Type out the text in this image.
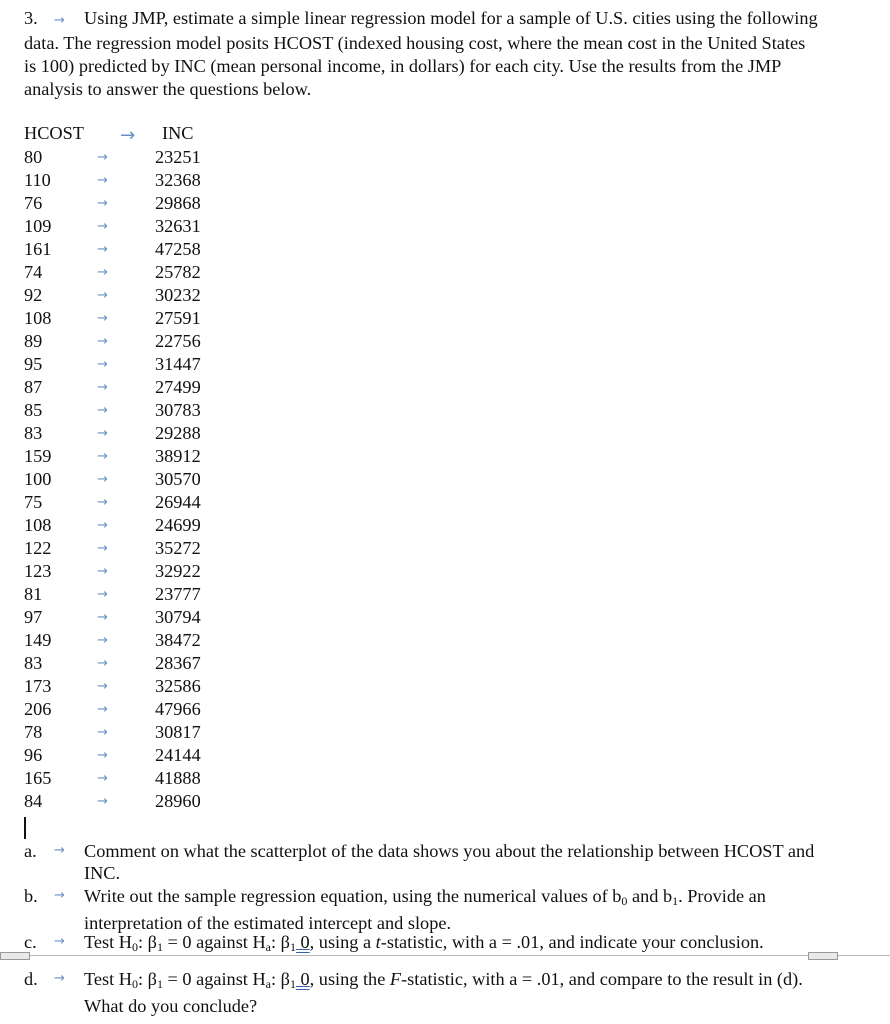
3. → Using JMP, estimate a simple linear regression model for a sample of U.S. cities using the following
data. The regression model posits HCOST (indexed housing cost, where the mean cost in the United States
is 100) predicted by INC (mean personal income, in dollars) for each city. Use the results from the JMP
analysis to answer the questions below.
HCOST → INC
80	→	23251
110	→	32368
76	→	29868
109	→	32631
161	→	47258
74	→	25782
92	→	30232
108	→	27591
89	→	22756
95	→	31447
87	→	27499
85	→	30783
83	→	29288
159	→	38912
100	→	30570
75	→	26944
108	→	24699
122	→	35272
123	→	32922
81	→	23777
97	→	30794
149	→	38472
83	→	28367
173	→	32586
206	→	47966
78	→	30817
96	→	24144
165	→	41888
84	→	28960
a. → Comment on what the scatterplot of the data shows you about the relationship between HCOST and
INC.
b. → Write out the sample regression equation, using the numerical values of $b_0$ and $b_1$. Provide an
interpretation of the estimated intercept and slope.
c. → Test $H_0$: $\beta_1 = 0$ against $H_a$: $\beta_1$ 0, using a t-statistic, with a = .01, and indicate your conclusion.
d. → Test $H_0$: $\beta_1 = 0$ against $H_a$: $\beta_1$ 0, using the F-statistic, with a = .01, and compare to the result in (d).
What do you conclude?
